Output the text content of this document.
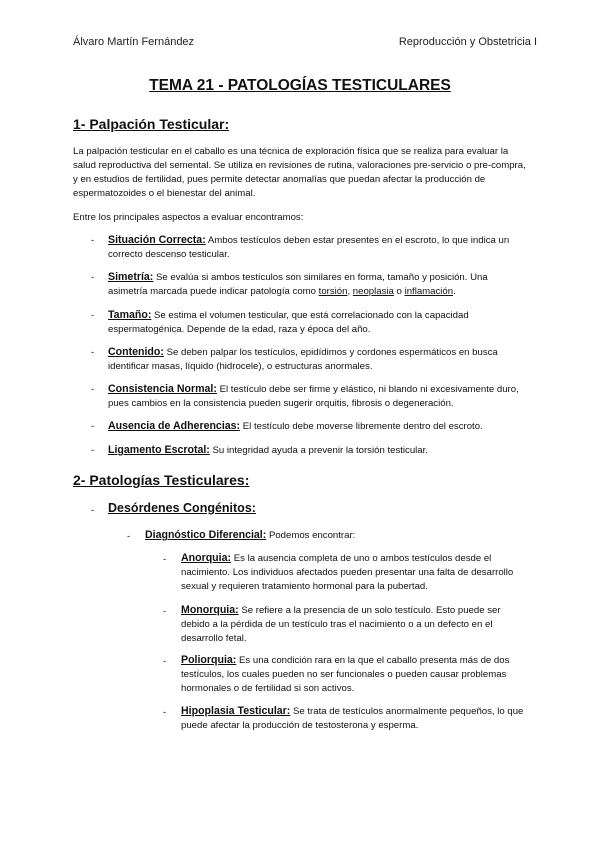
Álvaro Martín Fernández	Reproducción y Obstetricia I
TEMA 21 - PATOLOGÍAS TESTICULARES
1- Palpación Testicular:
La palpación testicular en el caballo es una técnica de exploración física que se realiza para evaluar la salud reproductiva del semental. Se utiliza en revisiones de rutina, valoraciones pre-servicio o pre-compra, y en estudios de fertilidad, pues permite detectar anomalías que puedan afectar la producción de espermatozoides o el bienestar del animal.
Entre los principales aspectos a evaluar encontramos:
- Situación Correcta: Ambos testículos deben estar presentes en el escroto, lo que indica un correcto descenso testicular.
- Simetría: Se evalúa si ambos testículos son similares en forma, tamaño y posición. Una asimetría marcada puede indicar patología como torsión, neoplasia o inflamación.
- Tamaño: Se estima el volumen testicular, que está correlacionado con la capacidad espermatogénica. Depende de la edad, raza y época del año.
- Contenido: Se deben palpar los testículos, epidídimos y cordones espermáticos en busca identificar masas, líquido (hidrocele), o estructuras anormales.
- Consistencia Normal: El testículo debe ser firme y elástico, ni blando ni excesivamente duro, pues cambios en la consistencia pueden sugerir orquitis, fibrosis o degeneración.
- Ausencia de Adherencias: El testículo debe moverse libremente dentro del escroto.
- Ligamento Escrotal: Su integridad ayuda a prevenir la torsión testicular.
2- Patologías Testiculares:
- Desórdenes Congénitos:
- Diagnóstico Diferencial: Podemos encontrar:
- Anorquia: Es la ausencia completa de uno o ambos testículos desde el nacimiento. Los individuos afectados pueden presentar una falta de desarrollo sexual y requieren tratamiento hormonal para la pubertad.
- Monorquia: Se refiere a la presencia de un solo testículo. Esto puede ser debido a la pérdida de un testículo tras el nacimiento o a un defecto en el desarrollo fetal.
- Poliorquia: Es una condición rara en la que el caballo presenta más de dos testículos, los cuales pueden no ser funcionales o pueden causar problemas hormonales o de fertilidad si son activos.
- Hipoplasia Testicular: Se trata de testículos anormalmente pequeños, lo que puede afectar la producción de testosterona y esperma.
